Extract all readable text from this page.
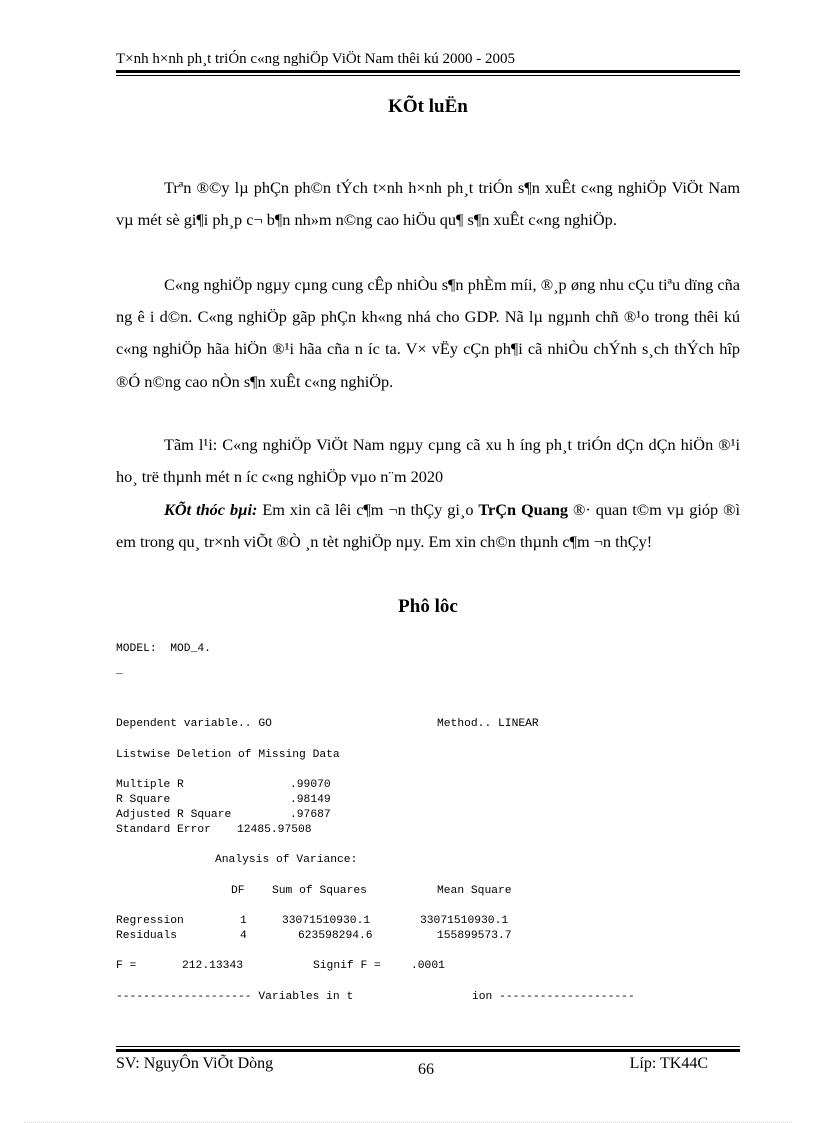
T×nh h×nh ph¸t triÓn c«ng nghiÖp ViÖt Nam thêi kú 2000 - 2005
KÕt luËn
Trªn ®©y lµ phÇn ph©n tÝch t×nh h×nh ph¸t triÓn s¶n xuÊt c«ng nghiÖp ViÖt Nam vµ mét sè gi¶i ph¸p c¬ b¶n nh»m n©ng cao hiÖu qu¶ s¶n xuÊt c«ng nghiÖp.
C«ng nghiÖp ngµy cµng cung cÊp nhiÒu s¶n phÈm míi, ®¸p øng nhu cÇu tiªu dïng cña ng ê i d©n. C«ng nghiÖp gãp phÇn kh«ng nhá cho GDP. Nã lµ ngµnh chñ ®¹o trong thêi kú c«ng nghiÖp hãa hiÖn ®¹i hãa cña n íc ta. V× vËy cÇn ph¶i cã nhiÒu chÝnh s¸ch thÝch hîp ®Ó n©ng cao nÒn s¶n xuÊt c«ng nghiÖp.
Tãm l¹i: C«ng nghiÖp ViÖt Nam ngµy cµng cã xu h íng ph¸t triÓn dÇn dÇn hiÖn ®¹i ho¸ trë thµnh mét n íc c«ng nghiÖp vµo n¨m 2020
KÕt thóc bµi: Em xin cã lêi c¶m ¬n thÇy gi¸o TrÇn Quang ®· quan t©m vµ gióp ®ì em trong qu¸ tr×nh viÕt ®Ò ¸n tèt nghiÖp nµy. Em xin ch©n thµnh c¶m ¬n thÇy!
Phô lôc
MODEL:  MOD_4.
_
Dependent variable.. GO	Method.. LINEAR
Listwise Deletion of Missing Data
Multiple R	.99070
R Square	.98149
Adjusted R Square	.97687
Standard Error 12485.97508
Analysis of Variance:
DF Sum of Squares	Mean Square
Regression	1	33071510930.1	33071510930.1
Residuals	4	623598294.6	155899573.7
F =	212.13343	Signif F =	.0001
-------------------- Variables in t	ion --------------------
SV: NguyÔn ViÕt Dòng	66	Líp: TK44C
